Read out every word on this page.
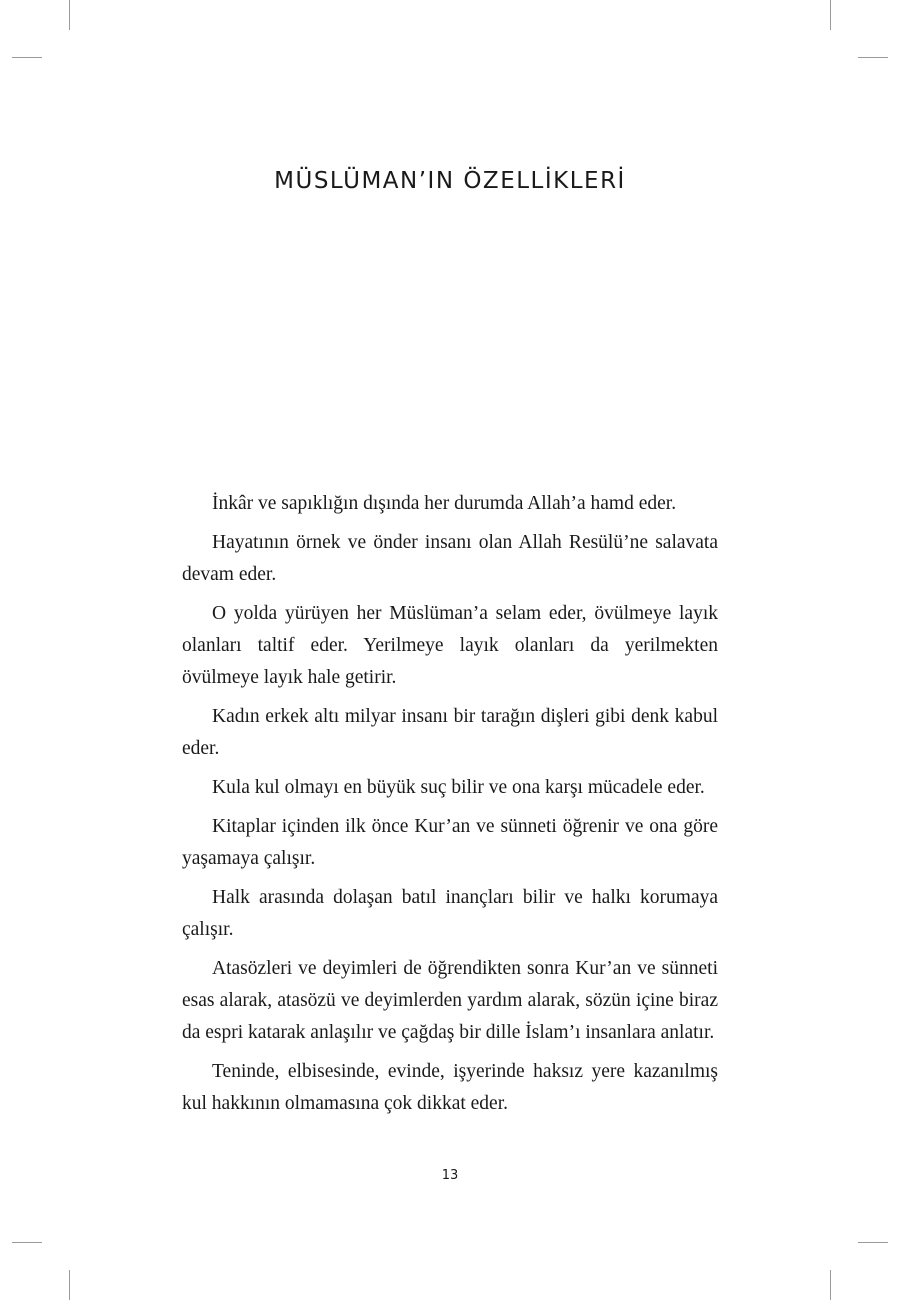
MÜSLÜMAN’IN ÖZELLİKLERİ

İnkâr ve sapıklığın dışında her durumda Allah’a hamd eder.

Hayatının örnek ve önder insanı olan Allah Resülü’ne salavata devam eder.

O yolda yürüyen her Müslüman’a selam eder, övülmeye layık olanları taltif eder. Yerilmeye layık olanları da yerilmekten övülmeye layık hale getirir.

Kadın erkek altı milyar insanı bir tarağın dişleri gibi denk kabul eder.

Kula kul olmayı en büyük suç bilir ve ona karşı mücadele eder.

Kitaplar içinden ilk önce Kur’an ve sünneti öğrenir ve ona göre yaşamaya çalışır.

Halk arasında dolaşan batıl inançları bilir ve halkı korumaya çalışır.

Atasözleri ve deyimleri de öğrendikten sonra Kur’an ve sünneti esas alarak, atasözü ve deyimlerden yardım alarak, sözün içine biraz da espri katarak anlaşılır ve çağdaş bir dille İslam’ı insanlara anlatır.

Teninde, elbisesinde, evinde, işyerinde haksız yere kazanılmış kul hakkının olmamasına çok dikkat eder.

13
